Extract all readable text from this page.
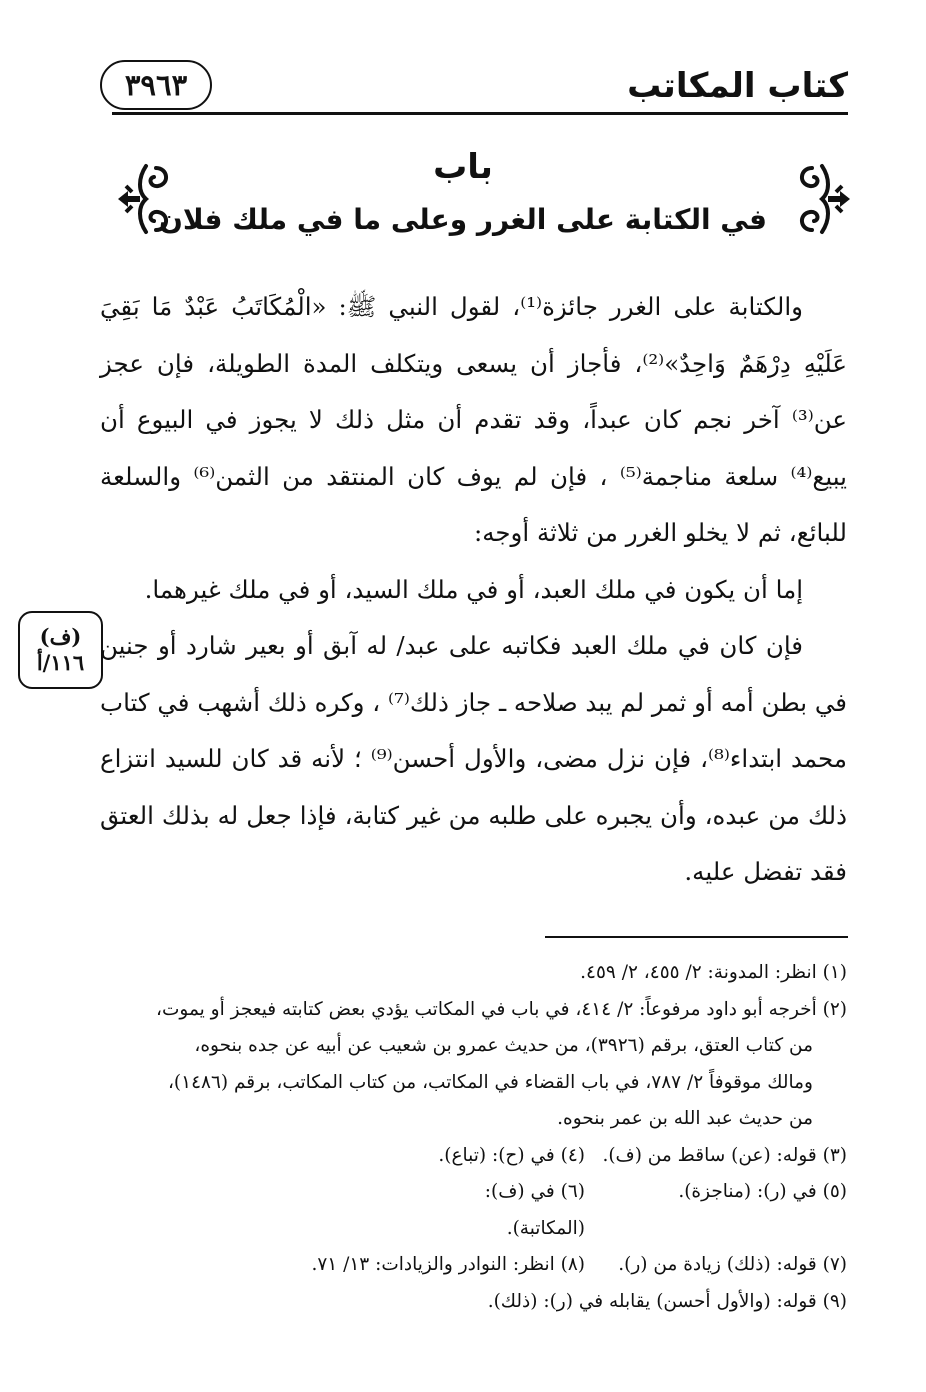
٣٩٦٣	كتاب المكاتب
باب
في الكتابة على الغرر وعلى ما في ملك فلان

والكتابة على الغرر جائزة⁽¹⁾، لقول النبي ﷺ: «الْمُكَاتَبُ عَبْدٌ مَا بَقِيَ عَلَيْهِ دِرْهَمٌ وَاحِدٌ»⁽²⁾، فأجاز أن يسعى ويتكلف المدة الطويلة، فإن عجز عن⁽³⁾ آخر نجم كان عبداً، وقد تقدم أن مثل ذلك لا يجوز في البيوع أن يبيع⁽⁴⁾ سلعة مناجمة⁽⁵⁾ ، فإن لم يوف كان المنتقد من الثمن⁽⁶⁾ والسلعة للبائع، ثم لا يخلو الغرر من ثلاثة أوجه:

إما أن يكون في ملك العبد، أو في ملك السيد، أو في ملك غيرهما.

فإن كان في ملك العبد فكاتبه على عبد/ له آبق أو بعير شارد أو جنين في بطن أمه أو ثمر لم يبد صلاحه ـ جاز ذلك⁽⁷⁾ ، وكره ذلك أشهب في كتاب محمد ابتداء⁽⁸⁾، فإن نزل مضى، والأول أحسن⁽⁹⁾ ؛ لأنه قد كان للسيد انتزاع ذلك من عبده، وأن يجبره على طلبه من غير كتابة، فإذا جعل له بذلك العتق فقد تفضل عليه.

(ف)
١١٦/أ

(١) انظر: المدونة: ٢/ ٤٥٥، ٢/ ٤٥٩.

(٢) أخرجه أبو داود مرفوعاً: ٢/ ٤١٤، في باب في المكاتب يؤدي بعض كتابته فيعجز أو يموت،

من كتاب العتق، برقم (٣٩٢٦)، من حديث عمرو بن شعيب عن أبيه عن جده بنحوه،

ومالك موقوفاً ٢/ ٧٨٧، في باب القضاء في المكاتب، من كتاب المكاتب، برقم (١٤٨٦)،

من حديث عبد الله بن عمر بنحوه.

(٣) قوله: (عن) ساقط من (ف).
(٤) في (ح): (تباع).
(٥) في (ر): (مناجزة).
(٦) في (ف): (المكاتبة).
(٧) قوله: (ذلك) زيادة من (ر).
(٨) انظر: النوادر والزيادات: ١٣/ ٧١.

(٩) قوله: (والأول أحسن) يقابله في (ر): (ذلك).
